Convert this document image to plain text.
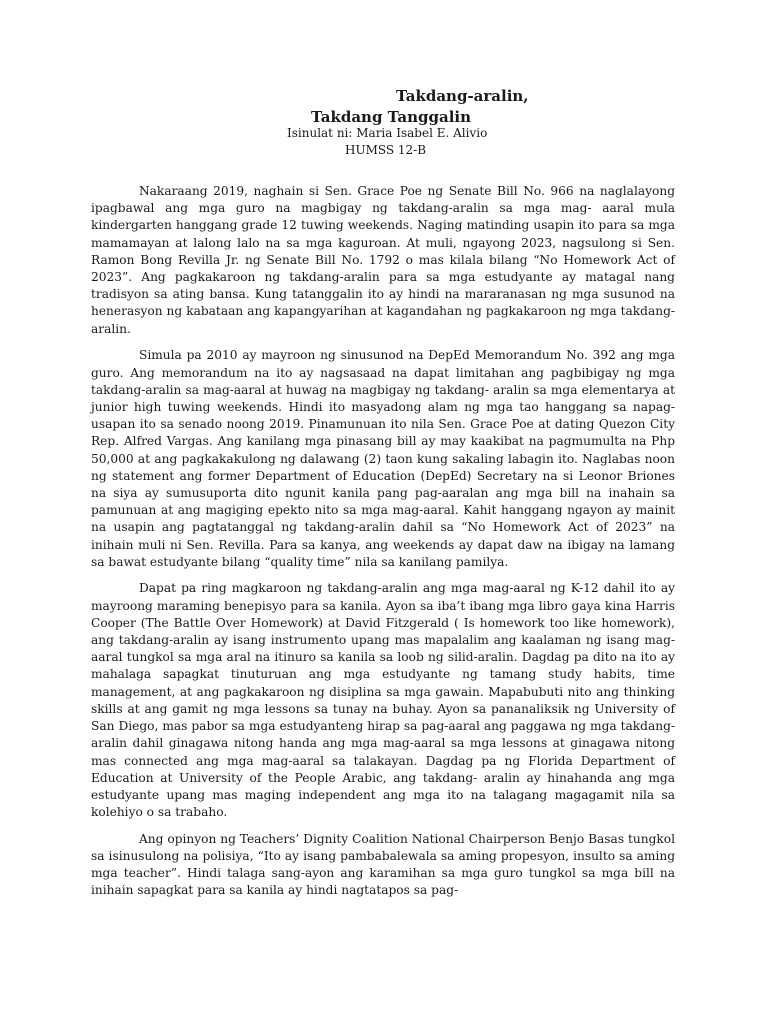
Takdang-aralin,
Takdang Tanggalin
Isinulat ni: Maria Isabel E. Alivio
HUMSS 12-B

Nakaraang 2019, naghain si Sen. Grace Poe ng Senate Bill No. 966 na naglalayong ipagbawal ang mga guro na magbigay ng takdang-aralin sa mga mag- aaral mula kindergarten hanggang grade 12 tuwing weekends. Naging matinding usapin ito para sa mga mamamayan at lalong lalo na sa mga kaguroan. At muli, ngayong 2023, nagsulong si Sen. Ramon Bong Revilla Jr. ng Senate Bill No. 1792 o mas kilala bilang “No Homework Act of 2023”. Ang pagkakaroon ng takdang-aralin para sa mga estudyante ay matagal nang tradisyon sa ating bansa. Kung tatanggalin ito ay hindi na mararanasan ng mga susunod na henerasyon ng kabataan ang kapangyarihan at kagandahan ng pagkakaroon ng mga takdang-aralin.

Simula pa 2010 ay mayroon ng sinusunod na DepEd Memorandum No. 392 ang mga guro. Ang memorandum na ito ay nagsasaad na dapat limitahan ang pagbibigay ng mga takdang-aralin sa mag-aaral at huwag na magbigay ng takdang- aralin sa mga elementarya at junior high tuwing weekends. Hindi ito masyadong alam ng mga tao hanggang sa napag-usapan ito sa senado noong 2019. Pinamunuan ito nila Sen. Grace Poe at dating Quezon City Rep. Alfred Vargas. Ang kanilang mga pinasang bill ay may kaakibat na pagmumulta na Php 50,000 at ang pagkakakulong ng dalawang (2) taon kung sakaling labagin ito. Naglabas noon ng statement ang former Department of Education (DepEd) Secretary na si Leonor Briones na siya ay sumusuporta dito ngunit kanila pang pag-aaralan ang mga bill na inahain sa pamunuan at ang magiging epekto nito sa mga mag-aaral. Kahit hanggang ngayon ay mainit na usapin ang pagtatanggal ng takdang-aralin dahil sa “No Homework Act of 2023” na inihain muli ni Sen. Revilla. Para sa kanya, ang weekends ay dapat daw na ibigay na lamang sa bawat estudyante bilang “quality time” nila sa kanilang pamilya.

Dapat pa ring magkaroon ng takdang-aralin ang mga mag-aaral ng K-12 dahil ito ay mayroong maraming benepisyo para sa kanila. Ayon sa iba’t ibang mga libro gaya kina Harris Cooper (The Battle Over Homework) at David Fitzgerald ( Is homework too like homework), ang takdang-aralin ay isang instrumento upang mas mapalalim ang kaalaman ng isang mag-aaral tungkol sa mga aral na itinuro sa kanila sa loob ng silid-aralin. Dagdag pa dito na ito ay mahalaga sapagkat tinuturuan ang mga estudyante ng tamang study habits, time management, at ang pagkakaroon ng disiplina sa mga gawain. Mapabubuti nito ang thinking skills at ang gamit ng mga lessons sa tunay na buhay. Ayon sa pananaliksik ng University of San Diego, mas pabor sa mga estudyanteng hirap sa pag-aaral ang paggawa ng mga takdang-aralin dahil ginagawa nitong handa ang mga mag-aaral sa mga lessons at ginagawa nitong mas connected ang mga mag-aaral sa talakayan. Dagdag pa ng Florida Department of Education at University of the People Arabic, ang takdang- aralin ay hinahanda ang mga estudyante upang mas maging independent ang mga ito na talagang magagamit nila sa kolehiyo o sa trabaho.

Ang opinyon ng Teachers’ Dignity Coalition National Chairperson Benjo Basas tungkol sa isinusulong na polisiya, “Ito ay isang pambabalewala sa aming propesyon, insulto sa aming mga teacher”. Hindi talaga sang-ayon ang karamihan sa mga guro tungkol sa mga bill na inihain sapagkat para sa kanila ay hindi nagtatapos sa pag-
